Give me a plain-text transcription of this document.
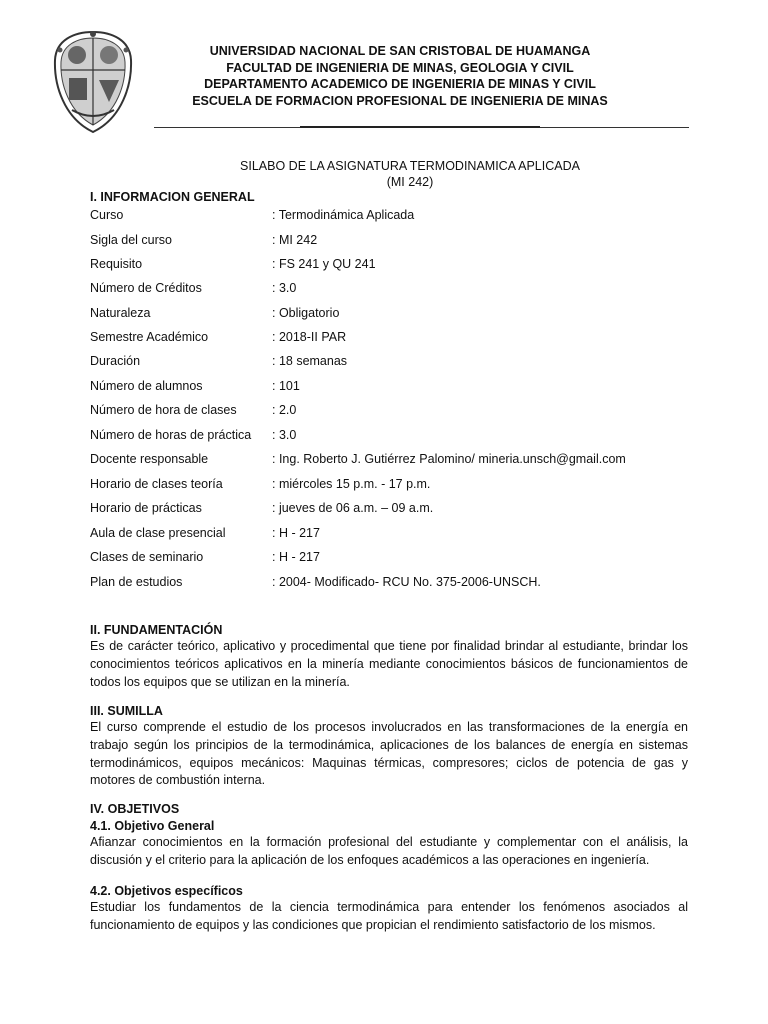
UNIVERSIDAD NACIONAL DE SAN CRISTOBAL DE HUAMANGA
FACULTAD DE INGENIERIA DE MINAS, GEOLOGIA Y CIVIL
DEPARTAMENTO ACADEMICO DE INGENIERIA DE MINAS Y CIVIL
ESCUELA DE FORMACION PROFESIONAL DE INGENIERIA DE MINAS
SILABO DE LA ASIGNATURA TERMODINAMICA APLICADA
(MI 242)
I. INFORMACION GENERAL
Curso	: Termodinámica Aplicada
Sigla del curso	: MI 242
Requisito	: FS 241 y QU 241
Número de Créditos	: 3.0
Naturaleza	: Obligatorio
Semestre Académico	: 2018-II PAR
Duración	: 18 semanas
Número de alumnos	: 101
Número de hora de clases	: 2.0
Número de horas de práctica : 3.0
Docente responsable	: Ing. Roberto J. Gutiérrez Palomino/ mineria.unsch@gmail.com
Horario de clases teoría	: miércoles 15 p.m. - 17 p.m.
Horario de prácticas	: jueves de 06 a.m. – 09 a.m.
Aula de clase presencial	: H - 217
Clases de seminario	: H - 217
Plan de estudios	: 2004- Modificado- RCU No. 375-2006-UNSCH.
II. FUNDAMENTACIÓN
Es de carácter teórico, aplicativo y procedimental que tiene por finalidad brindar al estudiante, brindar los conocimientos teóricos aplicativos en la minería mediante conocimientos básicos de funcionamientos de todos los equipos que se utilizan en la minería.
III. SUMILLA
El curso comprende el estudio de los procesos involucrados en las transformaciones de la energía en trabajo según los principios de la termodinámica, aplicaciones de los balances de energía en sistemas termodinámicos, equipos mecánicos: Maquinas térmicas, compresores; ciclos de potencia de gas y motores de combustión interna.
IV. OBJETIVOS
4.1. Objetivo General
Afianzar conocimientos en la formación profesional del estudiante y complementar con el análisis, la discusión y el criterio para la aplicación de los enfoques académicos a las operaciones en ingeniería.
4.2. Objetivos específicos
Estudiar los fundamentos de la ciencia termodinámica para entender los fenómenos asociados al funcionamiento de equipos y las condiciones que propician el rendimiento satisfactorio de los mismos.
